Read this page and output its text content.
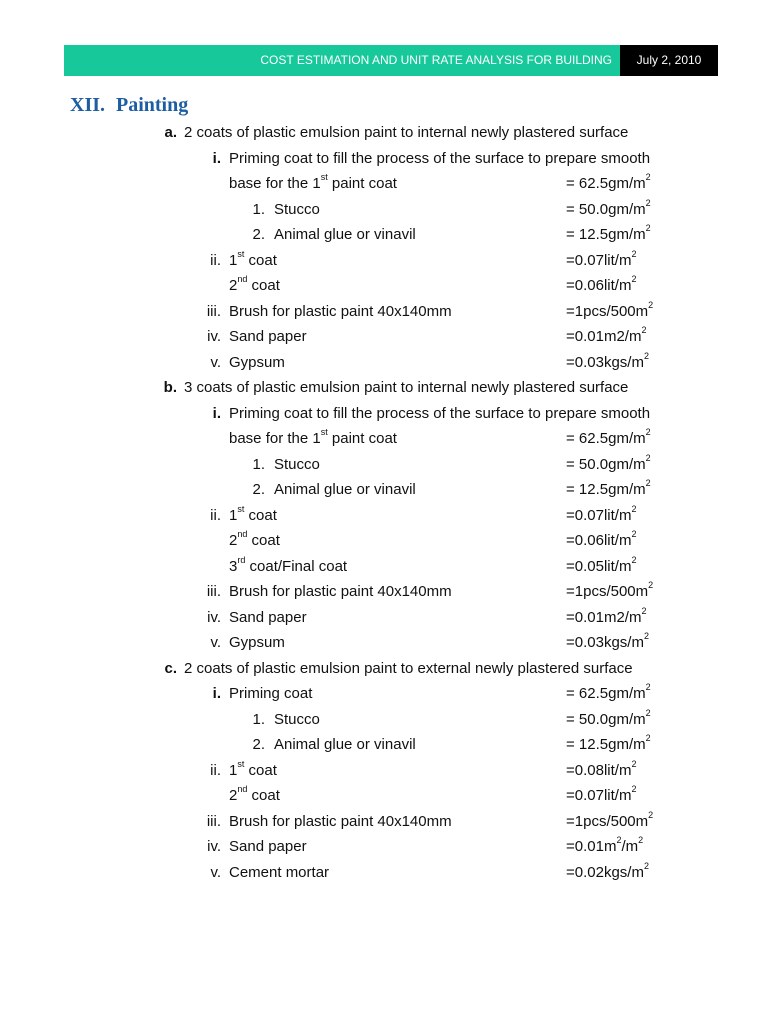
COST ESTIMATION AND UNIT RATE ANALYSIS FOR BUILDING	July 2, 2010
XII. Painting
a. 2 coats of plastic emulsion paint to internal newly plastered surface
i. Priming coat to fill the process of the surface to prepare smooth
base for the 1st paint coat	= $62.5gm/m^2$
1. Stucco	= $50.0gm/m^2$
2. Animal glue or vinavil	= $12.5gm/m^2$
ii. 1st coat	$=0.07lit/m^2$
2nd coat	$=0.06lit/m^2$
iii. Brush for plastic paint 40x140mm	$=1pcs/500m^2$
iv. Sand paper	$=0.01m2/m^2$
v. Gypsum	$=0.03kgs/m^2$
b. 3 coats of plastic emulsion paint to internal newly plastered surface
i. Priming coat to fill the process of the surface to prepare smooth
base for the 1st paint coat	= $62.5gm/m^2$
1. Stucco	= $50.0gm/m^2$
2. Animal glue or vinavil	= $12.5gm/m^2$
ii. 1st coat	$=0.07lit/m^2$
2nd coat	$=0.06lit/m^2$
3rd coat/Final coat	$=0.05lit/m^2$
iii. Brush for plastic paint 40x140mm	$=1pcs/500m^2$
iv. Sand paper	$=0.01m2/m^2$
v. Gypsum	$=0.03kgs/m^2$
c. 2 coats of plastic emulsion paint to external newly plastered surface
i. Priming coat	= $62.5gm/m^2$
1. Stucco	= $50.0gm/m^2$
2. Animal glue or vinavil	= $12.5gm/m^2$
ii. 1st coat	$=0.08lit/m^2$
2nd coat	$=0.07lit/m^2$
iii. Brush for plastic paint 40x140mm	$=1pcs/500m^2$
iv. Sand paper	$=0.01m^2/m^2$
v. Cement mortar	$=0.02kgs/m^2$
